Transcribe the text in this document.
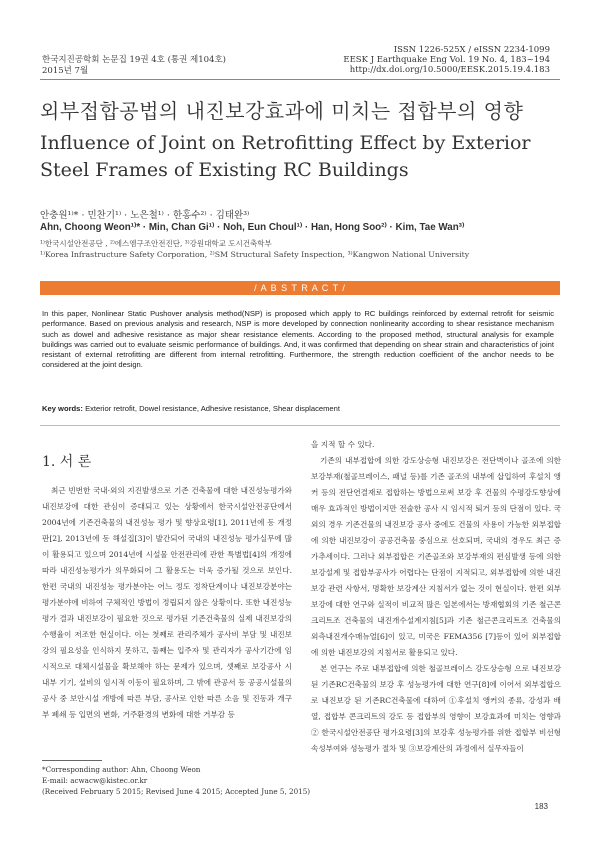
한국지진공학회 논문집 19권 4호 (통권 제104호)
2015년 7월
ISSN 1226-525X / eISSN 2234-1099
EESK J Earthquake Eng Vol. 19 No. 4, 183~194
http://dx.doi.org/10.5000/EESK.2015.19.4.183
외부접합공법의 내진보강효과에 미치는 접합부의 영향
Influence of Joint on Retrofitting Effect by Exterior Steel Frames of Existing RC Buildings
안충원¹⁾* · 민찬기¹⁾ · 노은철¹⁾ · 한홍수²⁾ · 김태완³⁾
Ahn, Choong Weon¹⁾* · Min, Chan Gi¹⁾ · Noh, Eun Choul¹⁾ · Han, Hong Soo²⁾ · Kim, Tae Wan³⁾
¹⁾한국시설안전공단 , ²⁾에스엠구조안전진단, ³⁾강원대학교 도시건축학부
¹⁾Korea Infrastructure Safety Corporation, ²⁾SM Structural Safety Inspection, ³⁾Kangwon National University
/ A B S T R A C T /
In this paper, Nonlinear Static Pushover analysis method(NSP) is proposed which apply to RC buildings reinforced by external retrofit for seismic performance. Based on previous analysis and research, NSP is more developed by connection nonlinearity according to shear resistance mechanism such as dowel and adhesive resistance as major shear resistance elements. According to the proposed method, structural analysis for example buildings was carried out to evaluate seismic performance of buildings. And, it was confirmed that depending on shear strain and characteristics of joint resistant of external retrofitting are different from internal retrofitting. Furthermore, the strength reduction coefficient of the anchor needs to be considered at the joint design.
Key words: Exterior retrofit, Dowel resistance, Adhesive resistance, Shear displacement
1. 서 론

최근 빈번한 국내·외의 지진발생으로 기존 건축물에 대한 내진성능평가와 내진보강에 대한 관심이 증대되고 있는 상황에서 한국시설안전공단에서 2004년에 기존건축물의 내진성능 평가 및 향상요령[1], 2011년에 동 개정판[2], 2013년에 동 해설집[3]이 발간되어 국내의 내진성능 평가실무에 많이 활용되고 있으며 2014년에 시설물 안전관리에 관한 특별법[4]의 개정에 따라 내진성능평가가 의무화되어 그 활용도는 더욱 증가될 것으로 보인다. 한편 국내의 내진성능 평가분야는 어느 정도 정착단계이나 내진보강분야는 평가분야에 비하여 구체적인 방법이 정립되지 않은 상황이다. 또한 내진성능평가 결과 내진보강이 필요한 것으로 평가된 기존건축물의 실제 내진보강의 수행율이 저조한 현실이다. 이는 첫째로 관리주체가 공사비 부담 및 내진보강의 필요성을 인식하지 못하고, 둘째는 입주자 및 관리자가 공사기간에 임시적으로 대체시설물을 확보해야 하는 문제가 있으며, 셋째로 보강공사 시 내부 기기, 설비의 임시적 이동이 필요하며, 그 밖에 관공서 등 공공시설물의 공사 중 보안시설 개방에 따른 부담, 공사로 인한 따른 소음 및 진동과 개구부 폐쇄 등 입면의 변화, 거주환경의 변화에 대한 거부감 등

을 지적 할 수 있다.

기존의 내부접합에 의한 강도상승형 내진보강은 전단벽이나 골조에 의한 보강부재(철골브레이스, 패널 등)를 기존 골조의 내부에 삽입하여 후설치 앵커 등의 전단연결재로 접합하는 방법으로써 보강 후 건물의 수평강도향상에 매우 효과적인 방법이지만 전술한 공사 시 임시적 퇴거 등의 단점이 있다. 국외의 경우 기존건물의 내진보강 공사 중에도 건물의 사용이 가능한 외부접합에 의한 내진보강이 공공건축물 중심으로 선호되며, 국내의 경우도 최근 증가추세이다. 그러나 외부접합은 기존골조와 보강부재의 편심발생 등에 의한 보강설계 및 접합부공사가 어렵다는 단점이 지적되고, 외부접합에 의한 내진보강 관련 사항서, 명확한 보강계산 지침서가 없는 것이 현실이다. 한편 외부보강에 대한 연구와 실적이 비교적 많은 일본에서는 방재협회의 기존 철근콘크리트조 건축물의 내진개수설계지침[5]과 기존 철근콘크리트조 건축물의 외측내진개수매뉴얼[6]이 있고, 미국은 FEMA356 [7]등이 있어 외부접합에 의한 내진보강의 지침서로 활용되고 있다.

본 연구는 주로 내부접합에 의한 철골브레이스 강도상승형 으로 내진보강 된 기존RC건축물의 보강 후 성능평가에 대한 연구[8]에 이어서 외부접합으로 내진보강 된 기존RC건축물에 대하여 ①후설치 앵커의 종류, 강성과 배열, 접합부 콘크리트의 강도 등 접합부의 영향이 보강효과에 미치는 영향과 ② 한국시설안전공단 평가요령[3]의 보강후 성능평가를 위한 접합부 비선형속성부여와 성능평가 절차 및 ③보강계산의 과정에서 실무자들이

*Corresponding author: Ahn, Choong Weon
E-mail: acwacw@kistec.or.kr
(Received February 5 2015; Revised June 4 2015; Accepted June 5, 2015)
183
